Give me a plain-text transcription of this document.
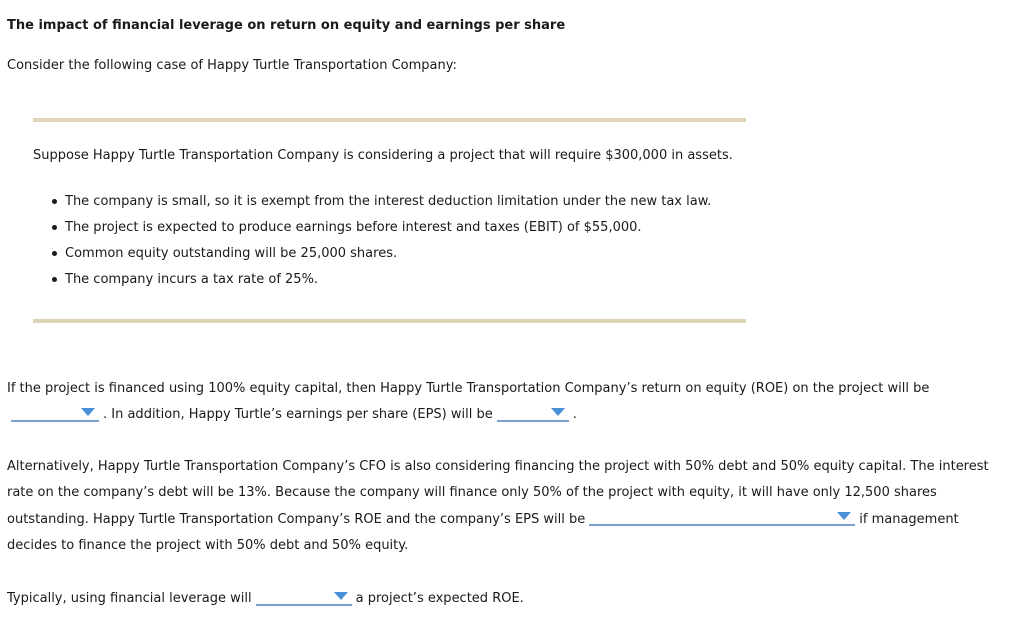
The impact of financial leverage on return on equity and earnings per share
Consider the following case of Happy Turtle Transportation Company:
Suppose Happy Turtle Transportation Company is considering a project that will require $300,000 in assets.
The company is small, so it is exempt from the interest deduction limitation under the new tax law.
The project is expected to produce earnings before interest and taxes (EBIT) of $55,000.
Common equity outstanding will be 25,000 shares.
The company incurs a tax rate of 25%.
If the project is financed using 100% equity capital, then Happy Turtle Transportation Company’s return on equity (ROE) on the project will be

. In addition, Happy Turtle’s earnings per share (EPS) will be	.
Alternatively, Happy Turtle Transportation Company’s CFO is also considering financing the project with 50% debt and 50% equity capital. The interest rate on the company’s debt will be 13%. Because the company will finance only 50% of the project with equity, it will have only 12,500 shares outstanding. Happy Turtle Transportation Company’s ROE and the company’s EPS will be	if management decides to finance the project with 50% debt and 50% equity.
Typically, using financial leverage will	a project’s expected ROE.
